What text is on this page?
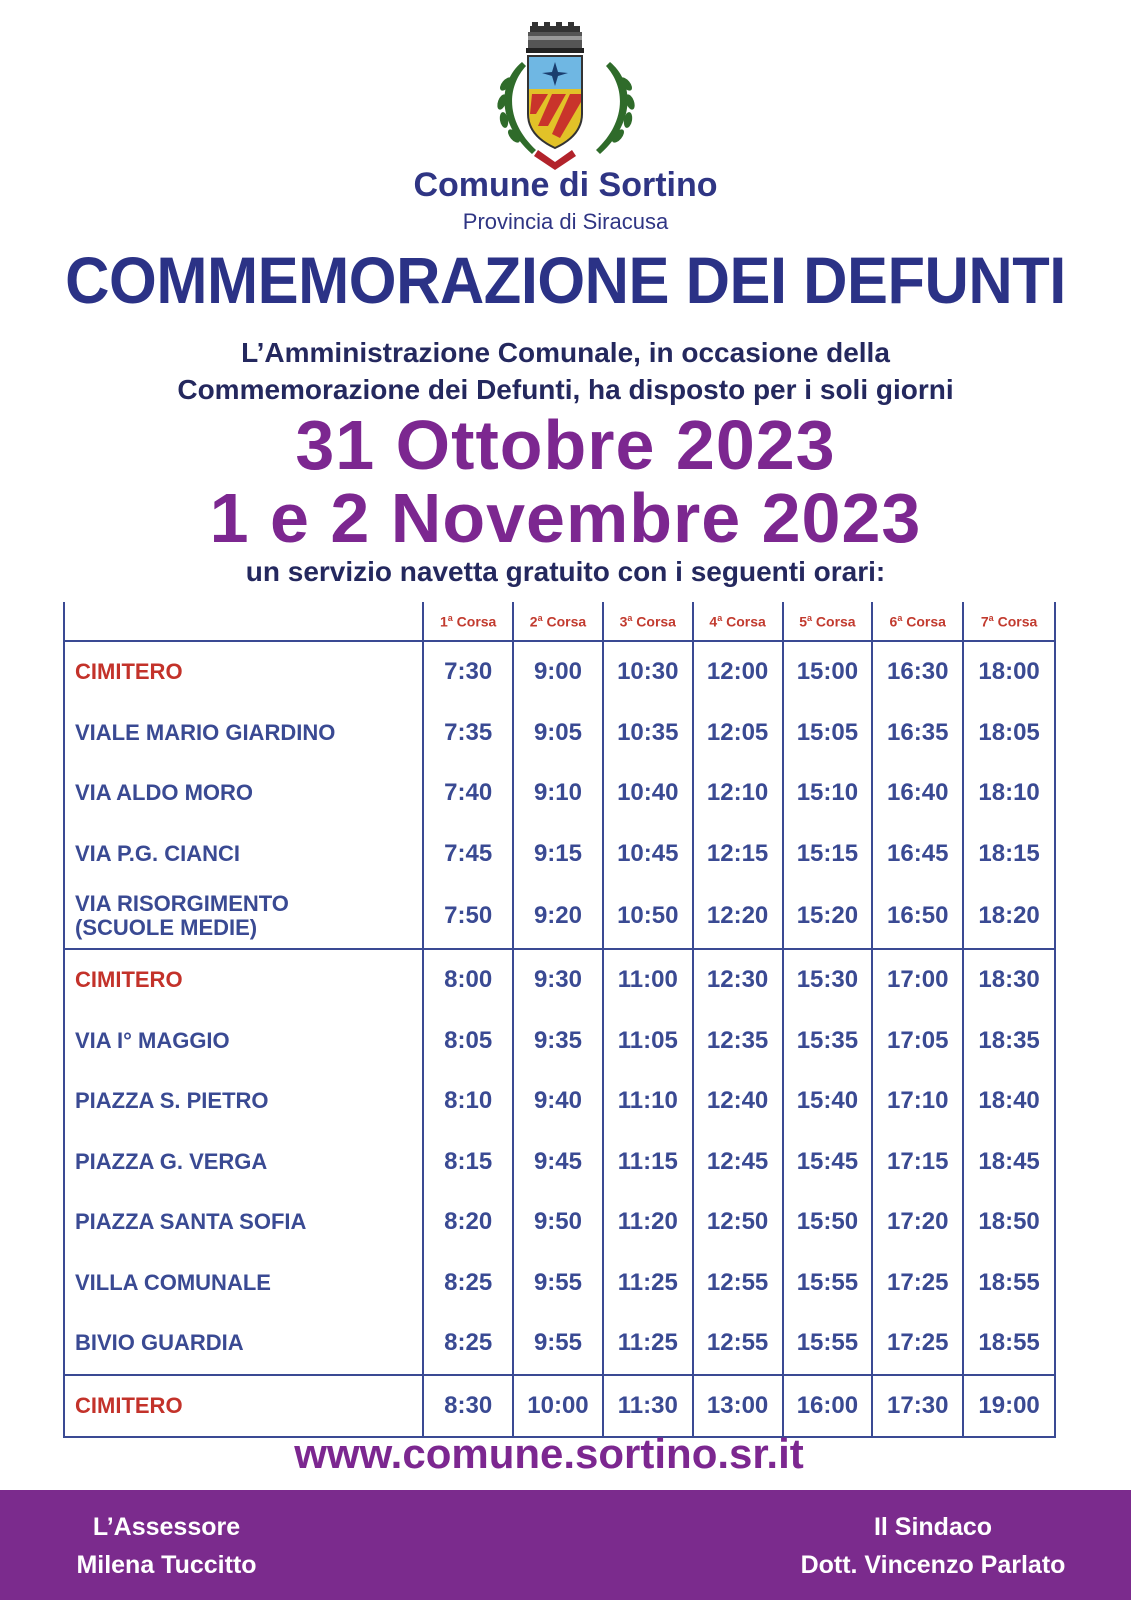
Comune di Sortino
Provincia di Siracusa
COMMEMORAZIONE DEI DEFUNTI
L’Amministrazione Comunale, in occasione della
Commemorazione dei Defunti, ha disposto per i soli giorni
31 Ottobre 2023
1 e 2 Novembre 2023
un servizio navetta gratuito con i seguenti orari:
	1$^a$ Corsa	2$^a$ Corsa	3$^a$ Corsa	4$^a$ Corsa	5$^a$ Corsa	6$^a$ Corsa	7$^a$ Corsa

CIMITERO	7:30	9:00	10:30	12:00	15:00	16:30	18:00

VIALE MARIO GIARDINO	7:35	9:05	10:35	12:05	15:05	16:35	18:05

VIA ALDO MORO	7:40	9:10	10:40	12:10	15:10	16:40	18:10

VIA P.G. CIANCI	7:45	9:15	10:45	12:15	15:15	16:45	18:15

VIA RISORGIMENTO
(SCUOLE MEDIE)	7:50	9:20	10:50	12:20	15:20	16:50	18:20

CIMITERO	8:00	9:30	11:00	12:30	15:30	17:00	18:30

VIA I° MAGGIO	8:05	9:35	11:05	12:35	15:35	17:05	18:35

PIAZZA S. PIETRO	8:10	9:40	11:10	12:40	15:40	17:10	18:40

PIAZZA G. VERGA	8:15	9:45	11:15	12:45	15:45	17:15	18:45

PIAZZA SANTA SOFIA	8:20	9:50	11:20	12:50	15:50	17:20	18:50

VILLA COMUNALE	8:25	9:55	11:25	12:55	15:55	17:25	18:55

BIVIO GUARDIA	8:25	9:55	11:25	12:55	15:55	17:25	18:55

CIMITERO	8:30	10:00	11:30	13:00	16:00	17:30	19:00
www.comune.sortino.sr.it
L’Assessore
Milena Tuccitto
Il Sindaco
Dott. Vincenzo Parlato
